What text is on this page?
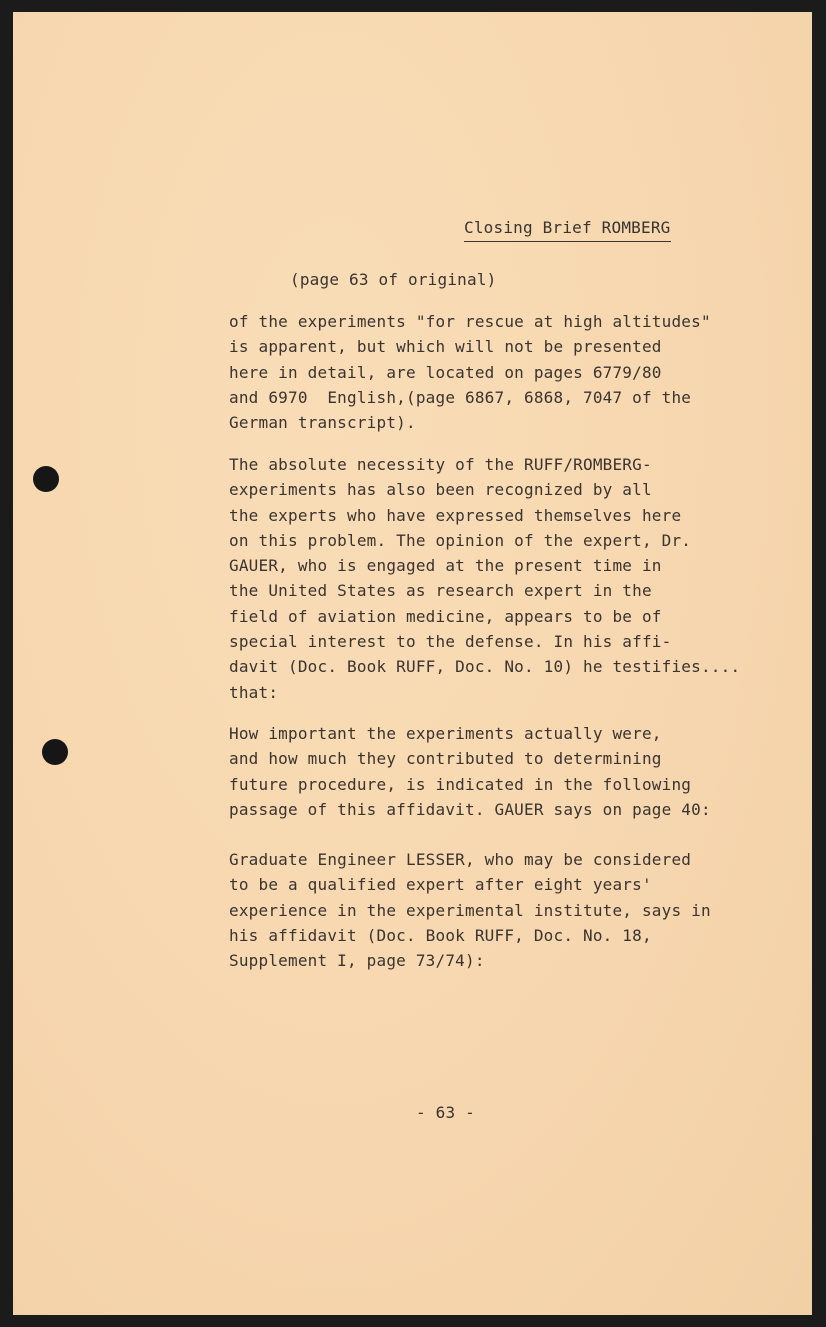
Closing Brief ROMBERG

(page 63 of original)

of the experiments "for rescue at high altitudes"
is apparent, but which will not be presented
here in detail, are located on pages 6779/80
and 6970  English,(page 6867, 6868, 7047 of the
German transcript).

The absolute necessity of the RUFF/ROMBERG-
experiments has also been recognized by all
the experts who have expressed themselves here
on this problem. The opinion of the expert, Dr.
GAUER, who is engaged at the present time in
the United States as research expert in the
field of aviation medicine, appears to be of
special interest to the defense. In his affi-
davit (Doc. Book RUFF, Doc. No. 10) he testifies....
that:

How important the experiments actually were,
and how much they contributed to determining
future procedure, is indicated in the following
passage of this affidavit. GAUER says on page 40:

Graduate Engineer LESSER, who may be considered
to be a qualified expert after eight years'
experience in the experimental institute, says in
his affidavit (Doc. Book RUFF, Doc. No. 18,
Supplement I, page 73/74):

- 63 -
